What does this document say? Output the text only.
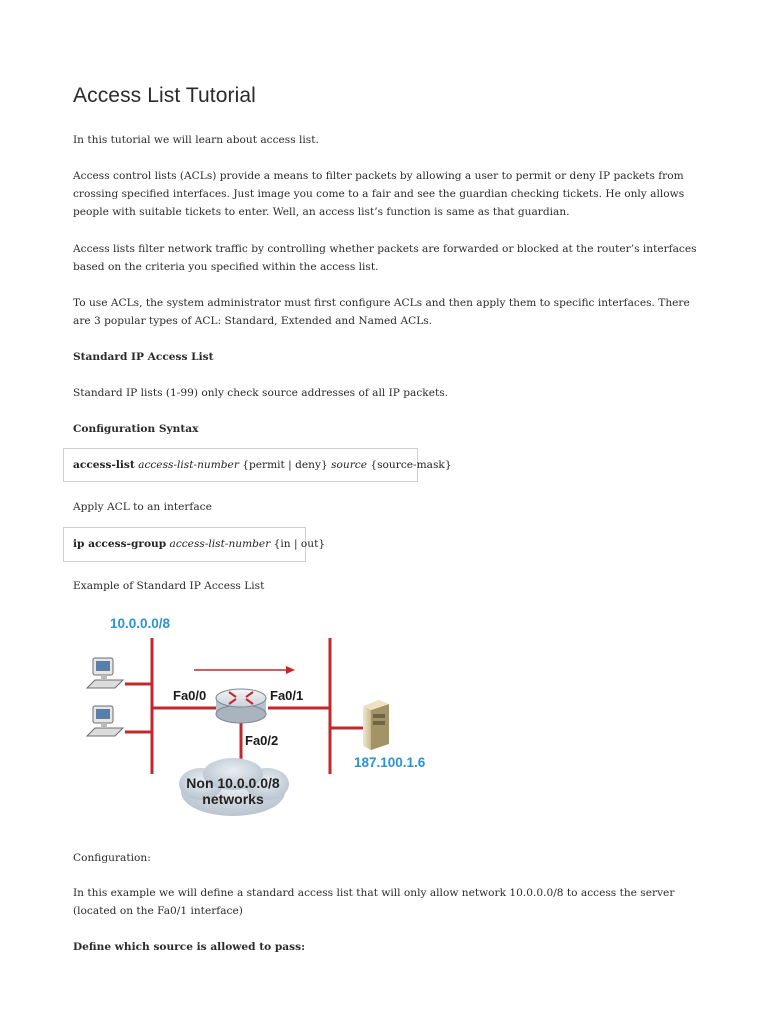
Access List Tutorial

In this tutorial we will learn about access list.

Access control lists (ACLs) provide a means to filter packets by allowing a user to permit or deny IP packets from crossing specified interfaces. Just image you come to a fair and see the guardian checking tickets. He only allows people with suitable tickets to enter. Well, an access list’s function is same as that guardian.

Access lists filter network traffic by controlling whether packets are forwarded or blocked at the router’s interfaces based on the criteria you specified within the access list.

To use ACLs, the system administrator must first configure ACLs and then apply them to specific interfaces. There are 3 popular types of ACL: Standard, Extended and Named ACLs.

Standard IP Access List

Standard IP lists (1-99) only check source addresses of all IP packets.

Configuration Syntax

access-list access-list-number {permit | deny} source {source-mask}

Apply ACL to an interface

ip access-group access-list-number {in | out}

Example of Standard IP Access List

10.0.0.0/8
Fa0/0	Fa0/1
Fa0/2
187.100.1.6
Non 10.0.0.0/8
networks

Configuration:

In this example we will define a standard access list that will only allow network 10.0.0.0/8 to access the server (located on the Fa0/1 interface)

Define which source is allowed to pass:
